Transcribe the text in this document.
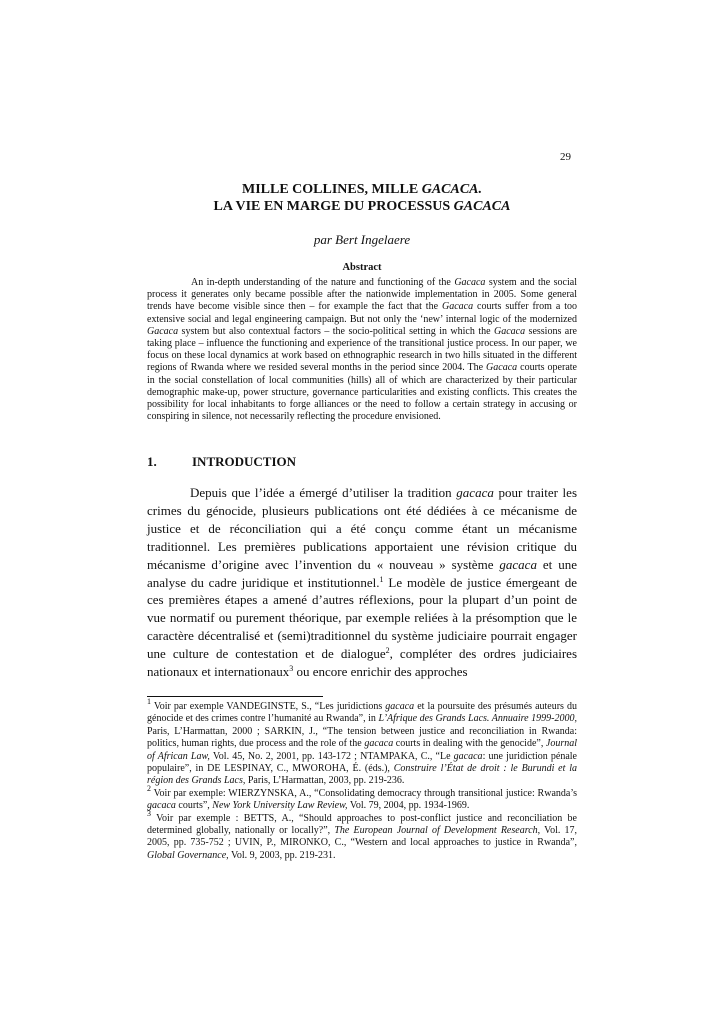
29
MILLE COLLINES, MILLE GACACA.
LA VIE EN MARGE DU PROCESSUS GACACA
par Bert Ingelaere
Abstract

An in-depth understanding of the nature and functioning of the Gacaca system and the social process it generates only became possible after the nationwide implementation in 2005. Some general trends have become visible since then – for example the fact that the Gacaca courts suffer from a too extensive social and legal engineering campaign. But not only the ‘new’ internal logic of the modernized Gacaca system but also contextual factors – the socio-political setting in which the Gacaca sessions are taking place – influence the functioning and experience of the transitional justice process. In our paper, we focus on these local dynamics at work based on ethnographic research in two hills situated in the different regions of Rwanda where we resided several months in the period since 2004. The Gacaca courts operate in the social constellation of local communities (hills) all of which are characterized by their particular demographic make-up, power structure, governance particularities and existing conflicts. This creates the possibility for local inhabitants to forge alliances or the need to follow a certain strategy in accusing or conspiring in silence, not necessarily reflecting the procedure envisioned.

1.	INTRODUCTION

Depuis que l’idée a émergé d’utiliser la tradition gacaca pour traiter les crimes du génocide, plusieurs publications ont été dédiées à ce mécanisme de justice et de réconciliation qui a été conçu comme étant un mécanisme traditionnel. Les premières publications apportaient une révision critique du mécanisme d’origine avec l’invention du « nouveau » système gacaca et une analyse du cadre juridique et institutionnel.$^1$ Le modèle de justice émergeant de ces premières étapes a amené d’autres réflexions, pour la plupart d’un point de vue normatif ou purement théorique, par exemple reliées à la présomption que le caractère décentralisé et (semi)traditionnel du système judiciaire pourrait engager une culture de contestation et de dialogue$^2$, compléter des ordres judiciaires nationaux et internationaux$^3$ ou encore enrichir des approches

$^1$ Voir par exemple VANDEGINSTE, S., “Les juridictions gacaca et la poursuite des présumés auteurs du génocide et des crimes contre l’humanité au Rwanda”, in L’Afrique des Grands Lacs. Annuaire 1999-2000, Paris, L’Harmattan, 2000 ; SARKIN, J., “The tension between justice and reconciliation in Rwanda: politics, human rights, due process and the role of the gacaca courts in dealing with the genocide”, Journal of African Law, Vol. 45, No. 2, 2001, pp. 143-172 ; NTAMPAKA, C., “Le gacaca: une juridiction pénale populaire”, in DE LESPINAY, C., MWOROHA, É. (éds.), Construire l’État de droit : le Burundi et la région des Grands Lacs, Paris, L’Harmattan, 2003, pp. 219-236.

$^2$ Voir par exemple: WIERZYNSKA, A., “Consolidating democracy through transitional justice: Rwanda’s gacaca courts”, New York University Law Review, Vol. 79, 2004, pp. 1934-1969.

$^3$ Voir par exemple : BETTS, A., “Should approaches to post-conflict justice and reconciliation be determined globally, nationally or locally?”, The European Journal of Development Research, Vol. 17, 2005, pp. 735-752 ; UVIN, P., MIRONKO, C., “Western and local approaches to justice in Rwanda”, Global Governance, Vol. 9, 2003, pp. 219-231.
